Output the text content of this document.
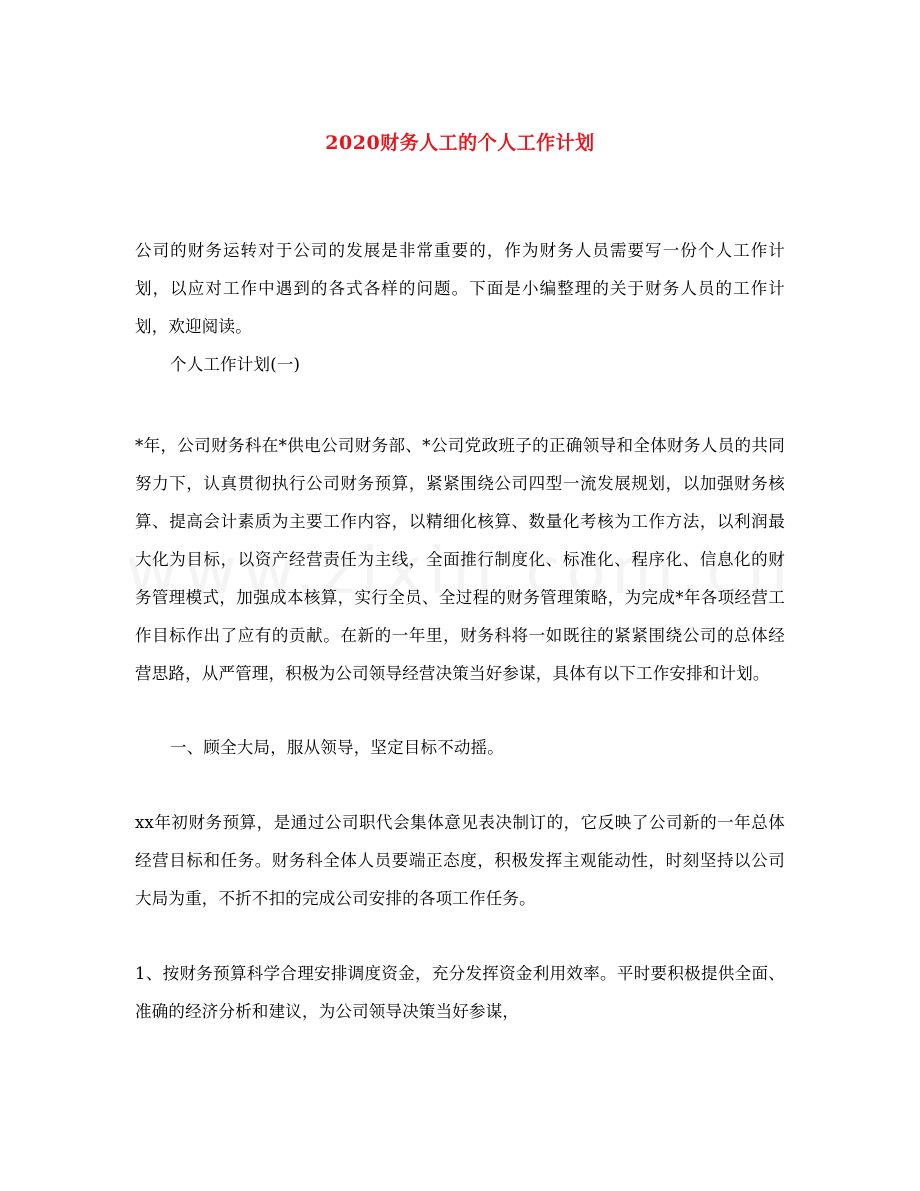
2020财务人工的个人工作计划
公司的财务运转对于公司的发展是非常重要的，作为财务人员需要写一份个人工作计划，以应对工作中遇到的各式各样的问题。下面是小编整理的关于财务人员的工作计划，欢迎阅读。
个人工作计划(一)
*年，公司财务科在*供电公司财务部、*公司党政班子的正确领导和全体财务人员的共同努力下，认真贯彻执行公司财务预算，紧紧围绕公司四型一流发展规划，以加强财务核算、提高会计素质为主要工作内容，以精细化核算、数量化考核为工作方法，以利润最大化为目标，以资产经营责任为主线，全面推行制度化、标准化、程序化、信息化的财务管理模式，加强成本核算，实行全员、全过程的财务管理策略，为完成*年各项经营工作目标作出了应有的贡献。在新的一年里，财务科将一如既往的紧紧围绕公司的总体经营思路，从严管理，积极为公司领导经营决策当好参谋，具体有以下工作安排和计划。
一、顾全大局，服从领导，坚定目标不动摇。
xx年初财务预算，是通过公司职代会集体意见表决制订的，它反映了公司新的一年总体经营目标和任务。财务科全体人员要端正态度，积极发挥主观能动性，时刻坚持以公司大局为重，不折不扣的完成公司安排的各项工作任务。
1、按财务预算科学合理安排调度资金，充分发挥资金利用效率。平时要积极提供全面、准确的经济分析和建议，为公司领导决策当好参谋，
